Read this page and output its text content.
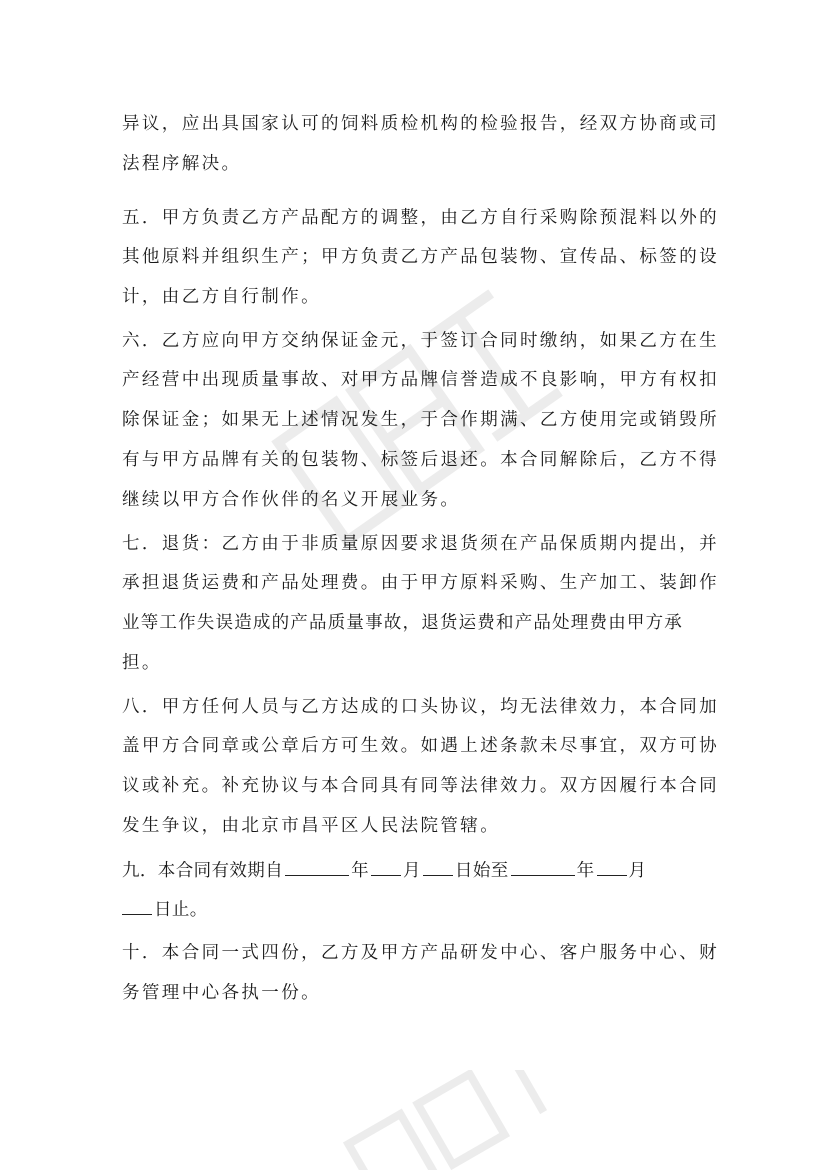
异议，应出具国家认可的饲料质检机构的检验报告，经双方协商或司
法程序解决。
五．甲方负责乙方产品配方的调整，由乙方自行采购除预混料以外的
其他原料并组织生产；甲方负责乙方产品包装物、宣传品、标签的设
计，由乙方自行制作。
六．乙方应向甲方交纳保证金元，于签订合同时缴纳，如果乙方在生
产经营中出现质量事故、对甲方品牌信誉造成不良影响，甲方有权扣
除保证金；如果无上述情况发生，于合作期满、乙方使用完或销毁所
有与甲方品牌有关的包装物、标签后退还。本合同解除后，乙方不得
继续以甲方合作伙伴的名义开展业务。
七．退货：乙方由于非质量原因要求退货须在产品保质期内提出，并
承担退货运费和产品处理费。由于甲方原料采购、生产加工、装卸作
业等工作失误造成的产品质量事故，退货运费和产品处理费由甲方承
担。
八．甲方任何人员与乙方达成的口头协议，均无法律效力，本合同加
盖甲方合同章或公章后方可生效。如遇上述条款未尽事宜，双方可协
议或补充。补充协议与本合同具有同等法律效力。双方因履行本合同
发生争议，由北京市昌平区人民法院管辖。
九．本合同有效期自	年 月 日始至	年 月
日止。
十．本合同一式四份，乙方及甲方产品研发中心、客户服务中心、财
务管理中心各执一份。
